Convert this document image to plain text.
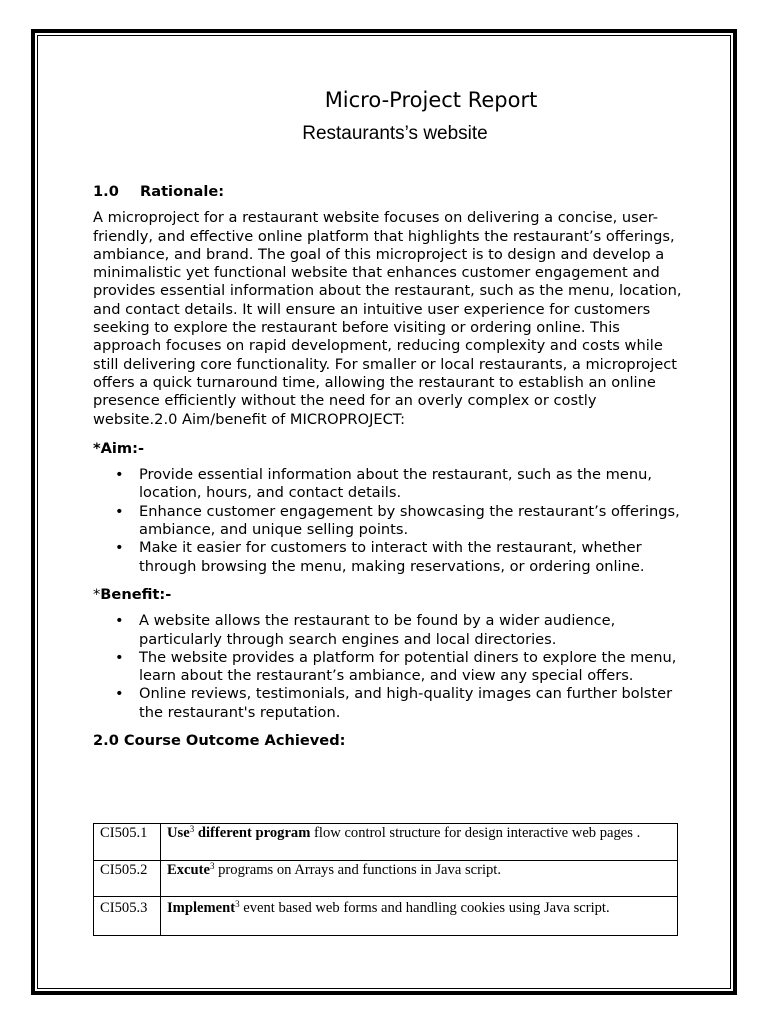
Micro-Project Report
Restaurants’s website
1.0 Rationale:
A microproject for a restaurant website focuses on delivering a concise, user-friendly, and effective online platform that highlights the restaurant’s offerings, ambiance, and brand. The goal of this microproject is to design and develop a minimalistic yet functional website that enhances customer engagement and provides essential information about the restaurant, such as the menu, location, and contact details. It will ensure an intuitive user experience for customers seeking to explore the restaurant before visiting or ordering online. This approach focuses on rapid development, reducing complexity and costs while still delivering core functionality. For smaller or local restaurants, a microproject offers a quick turnaround time, allowing the restaurant to establish an online presence efficiently without the need for an overly complex or costly website.2.0 Aim/benefit of MICROPROJECT:
*Aim:-
• Provide essential information about the restaurant, such as the menu, location, hours, and contact details.
• Enhance customer engagement by showcasing the restaurant’s offerings, ambiance, and unique selling points.
• Make it easier for customers to interact with the restaurant, whether through browsing the menu, making reservations, or ordering online.
*Benefit:-
• A website allows the restaurant to be found by a wider audience, particularly through search engines and local directories.
• The website provides a platform for potential diners to explore the menu, learn about the restaurant’s ambiance, and view any special offers.
• Online reviews, testimonials, and high-quality images can further bolster the restaurant's reputation.
2.0 Course Outcome Achieved:
CI505.1	Use$^3$ different program flow control structure for design interactive web pages .
CI505.2	Excute$^3$ programs on Arrays and functions in Java script.
CI505.3	Implement$^3$ event based web forms and handling cookies using Java script.
